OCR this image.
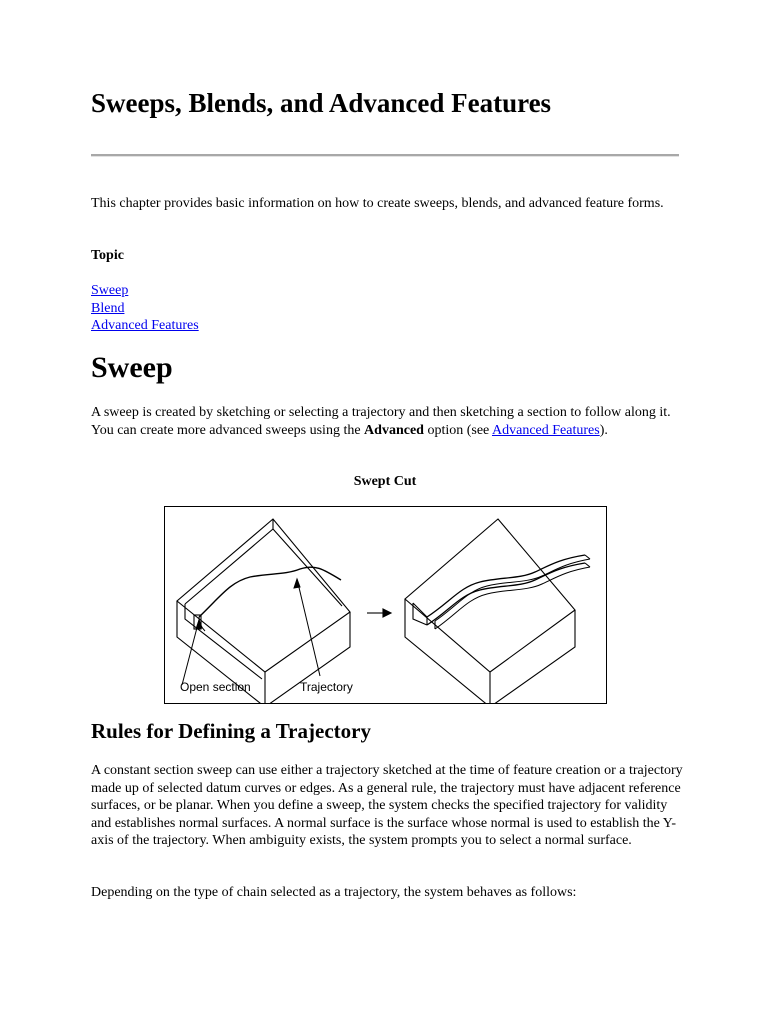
Sweeps, Blends, and Advanced Features

This chapter provides basic information on how to create sweeps, blends, and advanced feature forms.

Topic

Sweep
Blend
Advanced Features
Sweep

A sweep is created by sketching or selecting a trajectory and then sketching a section to follow along it. You can create more advanced sweeps using the Advanced option (see Advanced Features).

Swept Cut
Open section	Trajectory
Rules for Defining a Trajectory

A constant section sweep can use either a trajectory sketched at the time of feature creation or a trajectory made up of selected datum curves or edges. As a general rule, the trajectory must have adjacent reference surfaces, or be planar. When you define a sweep, the system checks the specified trajectory for validity and establishes normal surfaces. A normal surface is the surface whose normal is used to establish the Y-axis of the trajectory. When ambiguity exists, the system prompts you to select a normal surface.

Depending on the type of chain selected as a trajectory, the system behaves as follows:
